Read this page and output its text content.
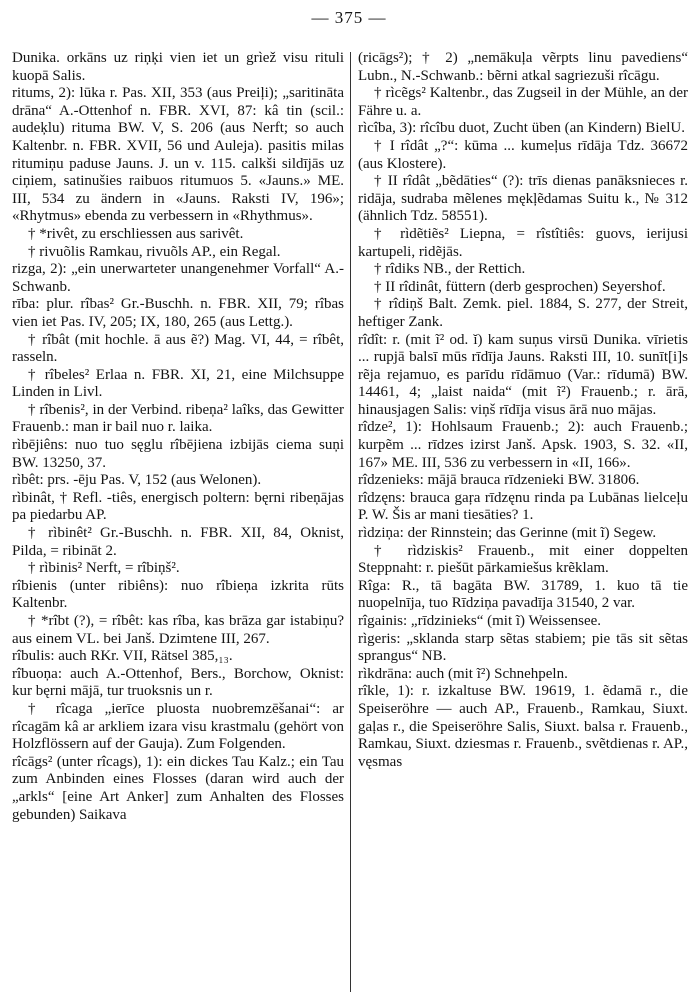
— 375 —

Dunika. orkāns uz riņķi vien iet un grìež visu rituli kuopā Salis.

ritums, 2): lūka r. Pas. XII, 353 (aus Preiļi); „saritināta drāna“ A.-Ottenhof n. FBR. XVI, 87: kâ tin (scil.: audeķlu) rituma BW. V, S. 206 (aus Nerft; so auch Kaltenbr. n. FBR. XVII, 56 und Auleja). pasitis milas ritumiņu paduse Jauns. J. un v. 115. calkši sildījās uz ciņiem, satinušies raibuos ritumuos 5. «Jauns.» ME. III, 534 zu ändern in «Jauns. Raksti IV, 196»; «Rhytmus» ebenda zu verbessern in «Rhythmus».

† *rivêt, zu erschliessen aus sarivêt.

† rivuõlis Ramkau, rivuõls AP., ein Regal.

rizga, 2): „ein unerwarteter unangenehmer Vorfall“ A.-Schwanb.

rība: plur. rîbas² Gr.-Buschh. n. FBR. XII, 79; rîbas vien iet Pas. IV, 205; IX, 180, 265 (aus Lettg.).

† rîbât (mit hochle. ā aus ẽ?) Mag. VI, 44, = rîbêt, rasseln.

† rîbeles² Erlaa n. FBR. XI, 21, eine Milchsuppe Linden in Livl.

† rîbenis², in der Verbind. ribeņa² laîks, das Gewitter Frauenb.: man ir bail nuo r. laika.

rìbējiêns: nuo tuo sęglu rîbējiena izbijās ciema suņi BW. 13250, 37.

rìbêt: prs. -ēju Pas. V, 152 (aus Welonen).

rìbinât, † Refl. -tiês, energisch poltern: bęrni ribeņājas pa piedarbu AP.

† rìbinêt² Gr.-Buschh. n. FBR. XII, 84, Oknist, Pilda, = ribināt 2.

† rìbinis² Nerft, = rîbiņš².

rîbienis (unter ribiêns): nuo rîbieņa izkrita rūts Kaltenbr.

† *rîbt (?), = rîbêt: kas rîba, kas brāza gar istabiņu? aus einem VL. bei Janš. Dzimtene III, 267.

rîbulis: auch RKr. VII, Rätsel 385,₁₃.

rîbuoņa: auch A.-Ottenhof, Bers., Borchow, Oknist: kur bęrni mājā, tur truoksnis un r.

† rîcaga „ierīce pluosta nuobremzēšanai“: ar rîcagām kâ ar arkliem izara visu krastmalu (gehört von Holzflössern auf der Gauja). Zum Folgenden.

rîcāgs² (unter rîcags), 1): ein dickes Tau Kalz.; ein Tau zum Anbinden eines Flosses (daran wird auch der „arkls“ [eine Art Anker] zum Anhalten des Flosses gebunden) Saikava

(ricāgs²); † 2) „nemākuļa vẽrpts linu pavediens“ Lubn., N.-Schwanb.: bẽrni atkal sagriezuši rîcāgu.

† rìcẽgs² Kaltenbr., das Zugseil in der Mühle, an der Fähre u. a.

rìcîba, 3): rîcîbu duot, Zucht üben (an Kindern) BielU.

† I rîdât „?“: kūma ... kumeļus rīdāja Tdz. 36672 (aus Klostere).

† II rîdât „bẽdāties“ (?): trīs dienas panāksnieces r. ridāja, sudraba mẽlenes mękļẽdamas Suitu k., № 312 (ähnlich Tdz. 58551).

† rìdẽtiẽs² Liepna, = rîstîtiês: guovs, ierijusi kartupeli, ridẽjās.

† rîdiks NB., der Rettich.

† II rîdinât, füttern (derb gesprochen) Seyershof.

† rîdiņš Balt. Zemk. piel. 1884, S. 277, der Streit, heftiger Zank.

rîdît: r. (mit ĩ² od. ĭ) kam suņus virsū Dunika. vīrietis ... rupjā balsī mūs rīdīja Jauns. Raksti III, 10. sunīt[i]s rẽja rejamuo, es parīdu rīdāmuo (Var.: rīdumā) BW. 14461, 4; „laist naida“ (mit ĩ²) Frauenb.; r. ārā, hinausjagen Salis: viņš rīdīja visus ārā nuo mājas.

rîdze², 1): Hohlsaum Frauenb.; 2): auch Frauenb.; kurpẽm ... rīdzes izirst Janš. Apsk. 1903, S. 32. «II, 167» ME. III, 536 zu verbessern in «II, 166».

rîdzenieks: mājā brauca rīdzenieki BW. 31806.

rîdzęns: brauca gaŗa rīdzęnu rinda pa Lubānas lielceļu P. W. Šis ar mani tiesāties? 1.

rìdziņa: der Rinnstein; das Gerinne (mit ĩ) Segew.

† rìdziskis² Frauenb., mit einer doppelten Steppnaht: r. piešūt pārkamiešus krẽklam.

Rîga: R., tā bagāta BW. 31789, 1. kuo tā tie nuopelnīja, tuo Rīdziņa pavadīja 31540, 2 var.

rîgainis: „rīdzinieks“ (mit ĩ) Weissensee.

rìgeris: „sklanda starp sẽtas stabiem; pie tās sit sẽtas sprangus“ NB.

rìkdrāna: auch (mit ĩ²) Schnehpeln.

rîkle, 1): r. izkaltuse BW. 19619, 1. ẽdamā r., die Speiseröhre — auch AP., Frauenb., Ramkau, Siuxt. gaļas r., die Speiseröhre Salis, Siuxt. balsa r. Frauenb., Ramkau, Siuxt. dziesmas r. Frauenb., svẽtdienas r. AP., vęsmas
